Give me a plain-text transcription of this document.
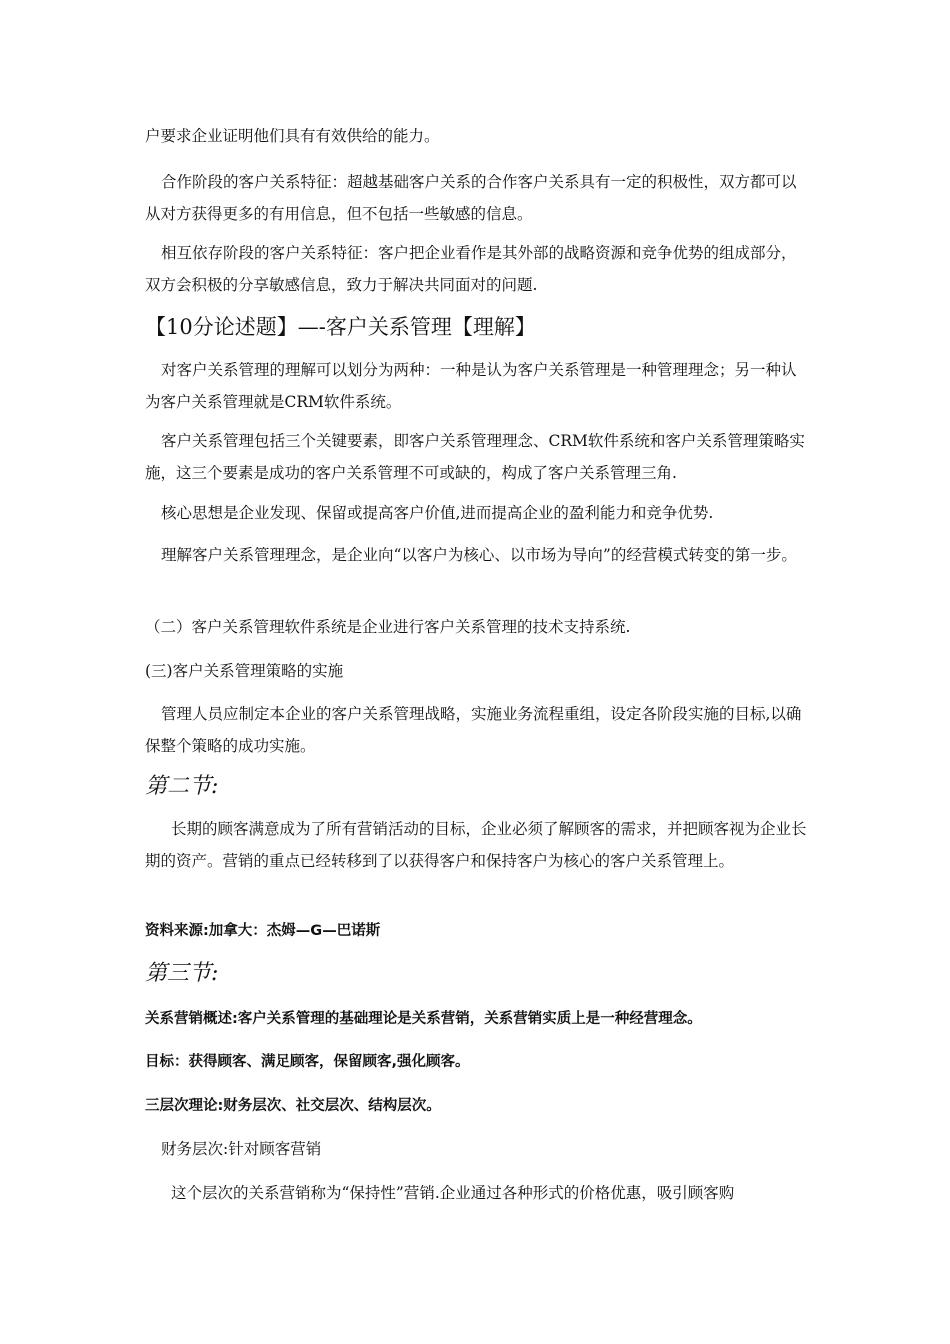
户要求企业证明他们具有有效供给的能力。

合作阶段的客户关系特征：超越基础客户关系的合作客户关系具有一定的积极性，双方都可以从对方获得更多的有用信息，但不包括一些敏感的信息。

相互依存阶段的客户关系特征：客户把企业看作是其外部的战略资源和竞争优势的组成部分，双方会积极的分享敏感信息，致力于解决共同面对的问题.

【10分论述题】—-客户关系管理【理解】

对客户关系管理的理解可以划分为两种：一种是认为客户关系管理是一种管理理念；另一种认为客户关系管理就是CRM软件系统。

客户关系管理包括三个关键要素，即客户关系管理理念、CRM软件系统和客户关系管理策略实施，这三个要素是成功的客户关系管理不可或缺的，构成了客户关系管理三角.

核心思想是企业发现、保留或提高客户价值,进而提高企业的盈利能力和竞争优势.

理解客户关系管理理念，是企业向“以客户为核心、以市场为导向”的经营模式转变的第一步。

（二）客户关系管理软件系统是企业进行客户关系管理的技术支持系统.

(三)客户关系管理策略的实施

管理人员应制定本企业的客户关系管理战略，实施业务流程重组，设定各阶段实施的目标,以确保整个策略的成功实施。

第二节:

长期的顾客满意成为了所有营销活动的目标，企业必须了解顾客的需求，并把顾客视为企业长期的资产。营销的重点已经转移到了以获得客户和保持客户为核心的客户关系管理上。

资料来源:加拿大：杰姆—G—巴诺斯

第三节:

关系营销概述:客户关系管理的基础理论是关系营销，关系营销实质上是一种经营理念。

目标：获得顾客、满足顾客，保留顾客,强化顾客。

三层次理论:财务层次、社交层次、结构层次。

财务层次:针对顾客营销

这个层次的关系营销称为“保持性”营销.企业通过各种形式的价格优惠，吸引顾客购
